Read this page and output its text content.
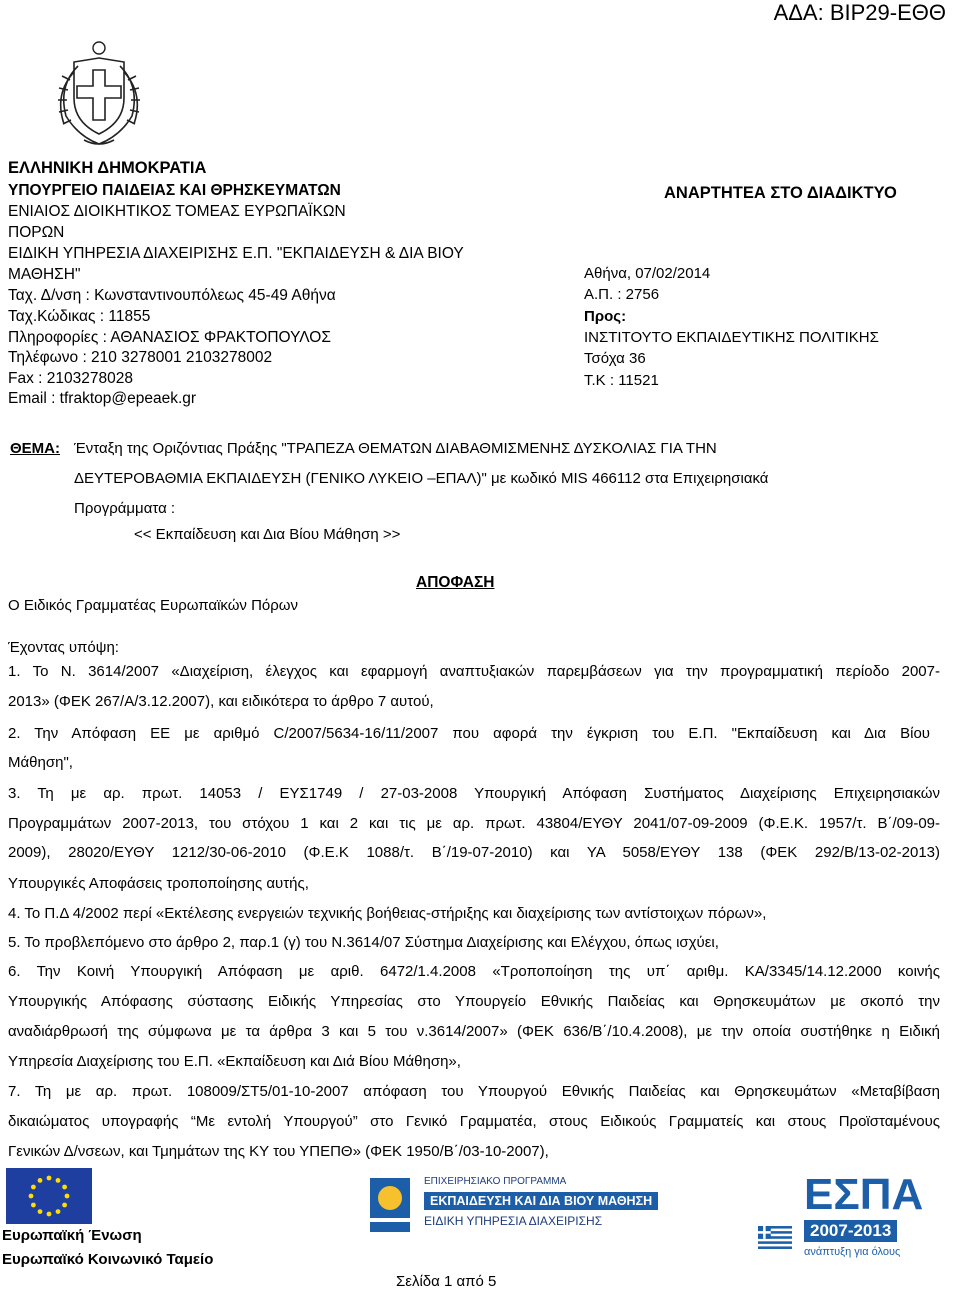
ΑΔΑ: ΒΙΡ29-ΕΘΘ
ΕΛΛΗΝΙΚΗ ΔΗΜΟΚΡΑΤΙΑ
ΥΠΟΥΡΓΕΙΟ ΠΑΙΔΕΙΑΣ ΚΑΙ ΘΡΗΣΚΕΥΜΑΤΩΝ
ΕΝΙΑΙΟΣ ΔΙΟΙΚΗΤΙΚΟΣ ΤΟΜΕΑΣ ΕΥΡΩΠΑΪΚΩΝ
ΠΟΡΩΝ
ΕΙΔΙΚΗ ΥΠΗΡΕΣΙΑ ΔΙΑΧΕΙΡΙΣΗΣ Ε.Π. "ΕΚΠΑΙΔΕΥΣΗ & ΔΙΑ ΒΙΟΥ
ΜΑΘΗΣΗ"
Ταχ. Δ/νση : Κωνσταντινουπόλεως 45-49 Αθήνα
Ταχ.Κώδικας : 11855
Πληροφορίες : ΑΘΑΝΑΣΙΟΣ ΦΡΑΚΤΟΠΟΥΛΟΣ
Τηλέφωνο : 210 3278001 2103278002
Fax : 2103278028
Email : tfraktop@epeaek.gr
ΑΝΑΡΤΗΤΕΑ ΣΤΟ ΔΙΑΔΙΚΤΥΟ
Αθήνα, 07/02/2014
Α.Π. : 2756
Προς:
ΙΝΣΤΙΤΟΥΤΟ ΕΚΠΑΙΔΕΥΤΙΚΗΣ ΠΟΛΙΤΙΚΗΣ
Τσόχα 36
Τ.Κ : 11521
ΘΕΜΑ: Ένταξη της Οριζόντιας Πράξης "ΤΡΑΠΕΖΑ ΘΕΜΑΤΩΝ ΔΙΑΒΑΘΜΙΣΜΕΝΗΣ ΔΥΣΚΟΛΙΑΣ ΓΙΑ ΤΗΝ
ΔΕΥΤΕΡΟΒΑΘΜΙΑ ΕΚΠΑΙΔΕΥΣΗ (ΓΕΝΙΚΟ ΛΥΚΕΙΟ –ΕΠΑΛ)" με κωδικό MIS 466112 στα Επιχειρησιακά
Προγράμματα :
<< Εκπαίδευση και Δια Βίου Μάθηση >>
ΑΠΟΦΑΣΗ
Ο Ειδικός Γραμματέας Ευρωπαϊκών Πόρων
Έχοντας υπόψη:
1. Το Ν. 3614/2007 «Διαχείριση, έλεγχος και εφαρμογή αναπτυξιακών παρεμβάσεων για την προγραμματική περίοδο 2007-
2013» (ΦΕΚ 267/Α/3.12.2007), και ειδικότερα το άρθρο 7 αυτού,
2. Την Απόφαση ΕΕ με αριθμό C/2007/5634-16/11/2007 που αφορά την έγκριση του Ε.Π. "Εκπαίδευση και Δια Βίου
Μάθηση",
3. Τη με αρ. πρωτ. 14053 / ΕΥΣ1749 / 27-03-2008 Υπουργική Απόφαση Συστήματος Διαχείρισης Επιχειρησιακών
Προγραμμάτων 2007-2013, του στόχου 1 και 2 και τις με αρ. πρωτ. 43804/ΕΥΘΥ 2041/07-09-2009 (Φ.Ε.Κ. 1957/τ. Β΄/09-09-
2009), 28020/ΕΥΘΥ 1212/30-06-2010 (Φ.Ε.Κ 1088/τ. Β΄/19-07-2010) και ΥΑ 5058/ΕΥΘΥ 138 (ΦΕΚ 292/Β/13-02-2013)
Υπουργικές Αποφάσεις τροποποίησης αυτής,
4. Το Π.Δ 4/2002 περί «Εκτέλεσης ενεργειών τεχνικής βοήθειας-στήριξης και διαχείρισης των αντίστοιχων πόρων»,
5. Το προβλεπόμενο στο άρθρο 2, παρ.1 (γ) του Ν.3614/07 Σύστημα Διαχείρισης και Ελέγχου, όπως ισχύει,
6. Την Κοινή Υπουργική Απόφαση με αριθ. 6472/1.4.2008 «Τροποποίηση της υπ΄ αριθμ. ΚΑ/3345/14.12.2000 κοινής
Υπουργικής Απόφασης σύστασης Ειδικής Υπηρεσίας στο Υπουργείο Εθνικής Παιδείας και Θρησκευμάτων με σκοπό την
αναδιάρθρωσή της σύμφωνα με τα άρθρα 3 και 5 του ν.3614/2007» (ΦΕΚ 636/Β΄/10.4.2008), με την οποία συστήθηκε η Ειδική
Υπηρεσία Διαχείρισης του Ε.Π. «Εκπαίδευση και Διά Βίου Μάθηση»,
7. Τη με αρ. πρωτ. 108009/ΣΤ5/01-10-2007 απόφαση του Υπουργού Εθνικής Παιδείας και Θρησκευμάτων «Μεταβίβαση
δικαιώματος υπογραφής “Με εντολή Υπουργού” στο Γενικό Γραμματέα, στους Ειδικούς Γραμματείς και στους Προϊσταμένους
Γενικών Δ/νσεων, και Τμημάτων της ΚΥ του ΥΠΕΠΘ» (ΦΕΚ 1950/Β΄/03-10-2007),
Ευρωπαϊκή Ένωση
Ευρωπαϊκό Κοινωνικό Ταμείο
ΕΠΙΧΕΙΡΗΣΙΑΚΟ ΠΡΟΓΡΑΜΜΑ
ΕΚΠΑΙΔΕΥΣΗ ΚΑΙ ΔΙΑ ΒΙΟΥ ΜΑΘΗΣΗ
ΕΙΔΙΚΗ ΥΠΗΡΕΣΙΑ ΔΙΑΧΕΙΡΙΣΗΣ
ΕΣΠΑ
2007-2013
ανάπτυξη για όλους
Σελίδα 1 από 5
